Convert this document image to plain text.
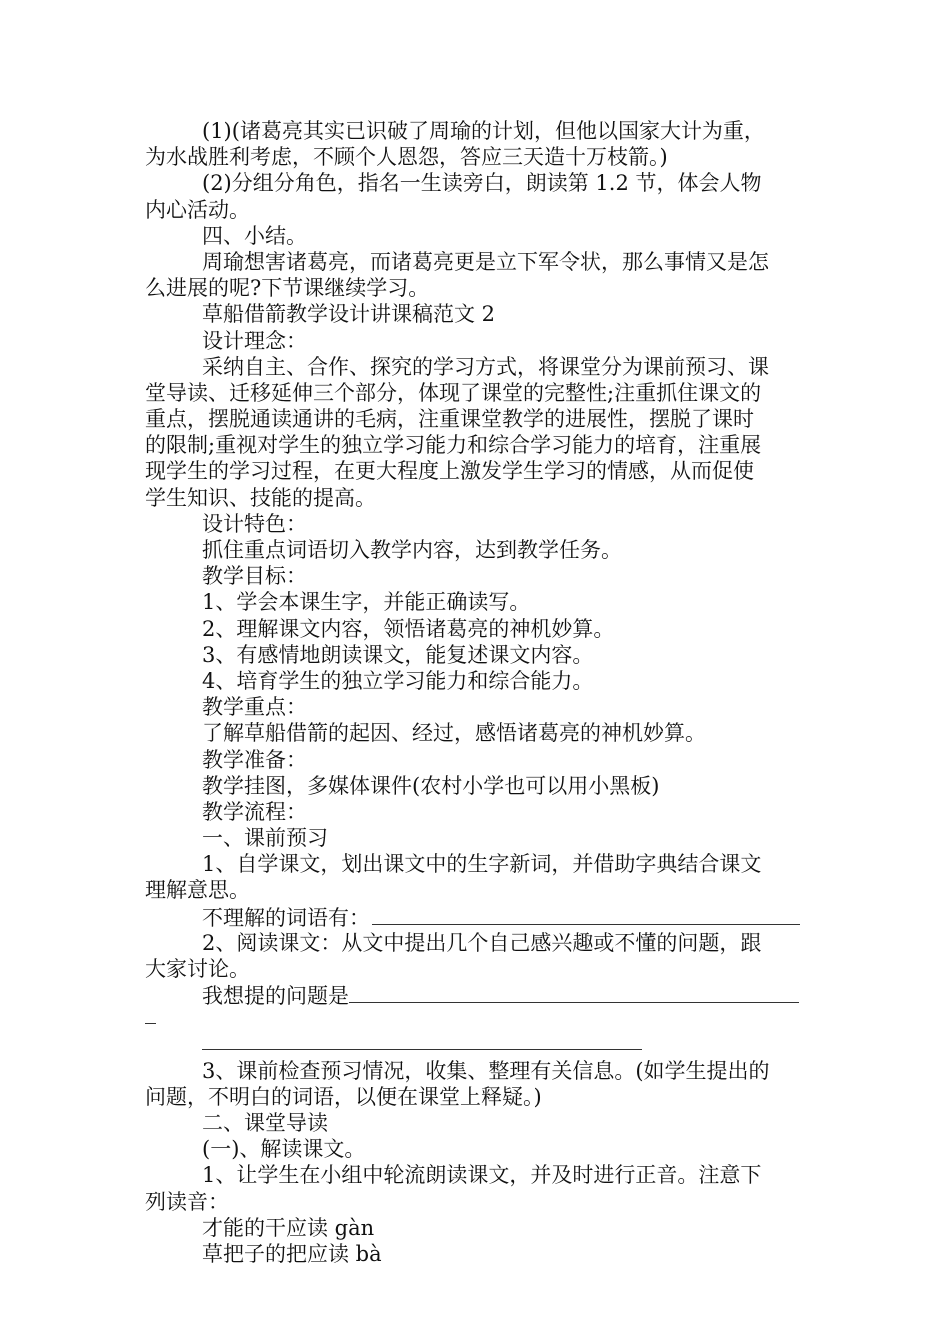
(1)(诸葛亮其实已识破了周瑜的计划，但他以国家大计为重，
为水战胜利考虑，不顾个人恩怨，答应三天造十万枝箭。)
(2)分组分角色，指名一生读旁白，朗读第 1.2 节，体会人物
内心活动。
四、小结。
周瑜想害诸葛亮，而诸葛亮更是立下军令状，那么事情又是怎
么进展的呢?下节课继续学习。
草船借箭教学设计讲课稿范文 2
设计理念：
采纳自主、合作、探究的学习方式，将课堂分为课前预习、课
堂导读、迁移延伸三个部分，体现了课堂的完整性;注重抓住课文的
重点，摆脱通读通讲的毛病，注重课堂教学的进展性，摆脱了课时
的限制;重视对学生的独立学习能力和综合学习能力的培育，注重展
现学生的学习过程，在更大程度上激发学生学习的情感，从而促使
学生知识、技能的提高。
设计特色：
抓住重点词语切入教学内容，达到教学任务。
教学目标：
1、学会本课生字，并能正确读写。
2、理解课文内容，领悟诸葛亮的神机妙算。
3、有感情地朗读课文，能复述课文内容。
4、培育学生的独立学习能力和综合能力。
教学重点：
了解草船借箭的起因、经过，感悟诸葛亮的神机妙算。
教学准备：
教学挂图，多媒体课件(农村小学也可以用小黑板)
教学流程：
一、课前预习
1、自学课文，划出课文中的生字新词，并借助字典结合课文
理解意思。
不理解的词语有：
2、阅读课文：从文中提出几个自己感兴趣或不懂的问题，跟
大家讨论。
我想提的问题是
3、课前检查预习情况，收集、整理有关信息。(如学生提出的
问题，不明白的词语，以便在课堂上释疑。)
二、课堂导读
(一)、解读课文。
1、让学生在小组中轮流朗读课文，并及时进行正音。注意下
列读音：
才能的干应读 gàn
草把子的把应读 bà
